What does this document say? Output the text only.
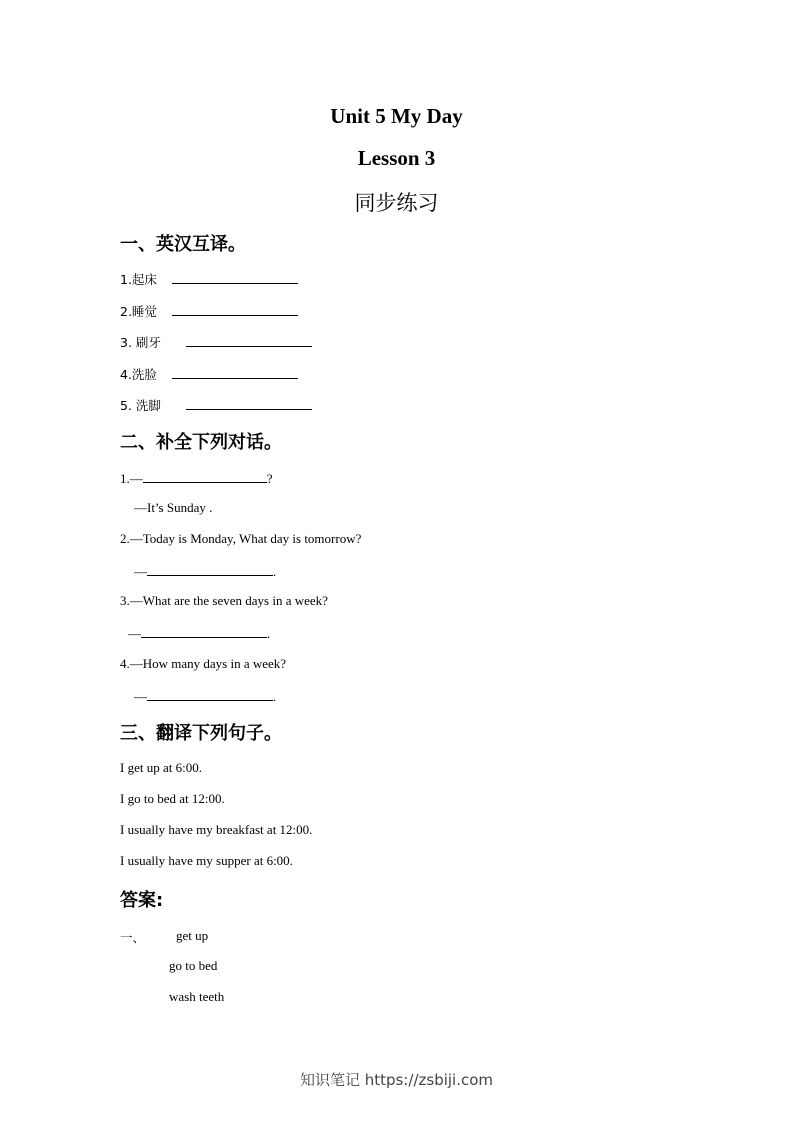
Unit 5 My Day
Lesson 3
同步练习
一、英汉互译。
1.起床
2.睡觉
3. 刷牙
4.洗脸
5. 洗脚
二、补全下列对话。
1.—	?
—It’s Sunday .
2.—Today is Monday, What day is tomorrow?
—	.
3.—What are the seven days in a week?
—	.
4.—How many days in a week?
—	.
三、翻译下列句子。
I get up at 6:00.
I go to bed at 12:00.
I usually have my breakfast at 12:00.
I usually have my supper at 6:00.
答案:
一、 get up
go to bed
wash teeth
知识笔记 https://zsbiji.com
